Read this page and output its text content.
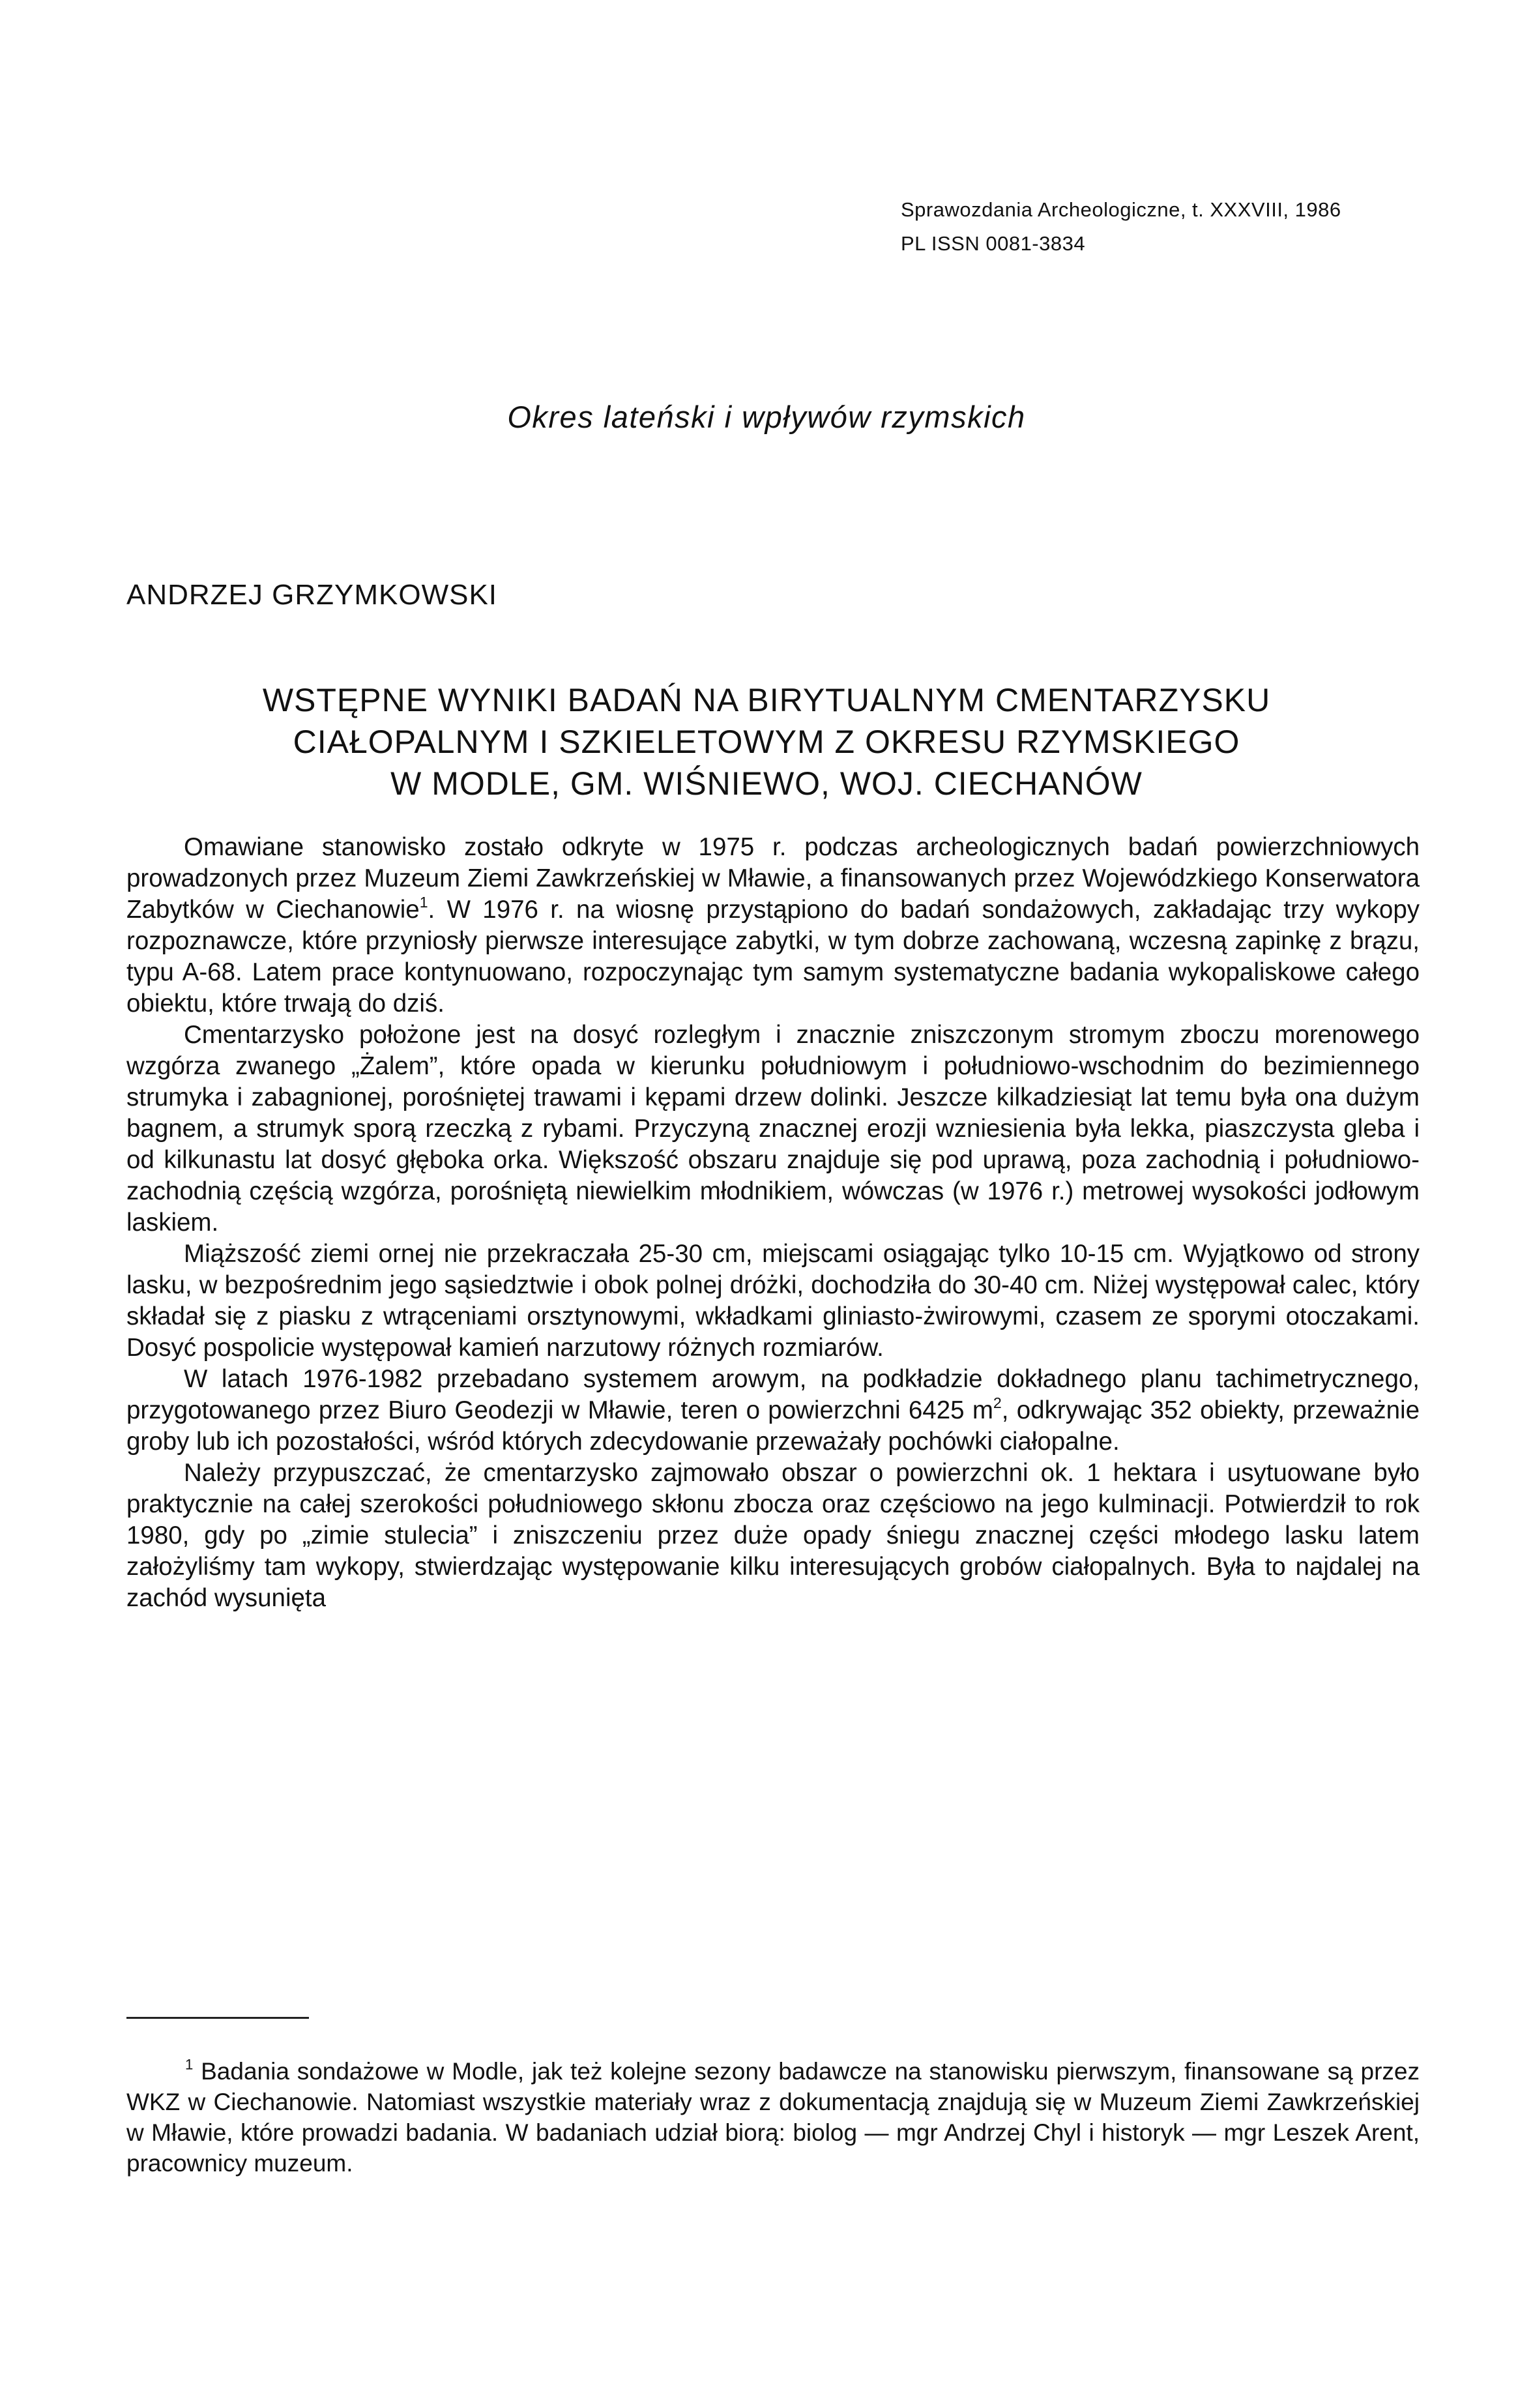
Sprawozdania Archeologiczne, t. XXXVIII, 1986
PL ISSN 0081-3834
Okres lateński i wpływów rzymskich
ANDRZEJ GRZYMKOWSKI
WSTĘPNE WYNIKI BADAŃ NA BIRYTUALNYM CMENTARZYSKU
CIAŁOPALNYM I SZKIELETOWYM Z OKRESU RZYMSKIEGO
W MODLE, GM. WIŚNIEWO, WOJ. CIECHANÓW

Omawiane stanowisko zostało odkryte w 1975 r. podczas archeologicznych badań powierzchniowych prowadzonych przez Muzeum Ziemi Zawkrzeńskiej w Mławie, a finansowanych przez Wojewódzkiego Konserwatora Zabytków w Ciechanowie$^1$. W 1976 r. na wiosnę przystąpiono do badań sondażowych, zakładając trzy wykopy rozpoznawcze, które przyniosły pierwsze interesujące zabytki, w tym dobrze zachowaną, wczesną zapinkę z brązu, typu A-68. Latem prace kontynuowano, rozpoczynając tym samym systematyczne badania wykopaliskowe całego obiektu, które trwają do dziś.

Cmentarzysko położone jest na dosyć rozległym i znacznie zniszczonym stromym zboczu morenowego wzgórza zwanego „Żalem”, które opada w kierunku południowym i południowo-wschodnim do bezimiennego strumyka i zabagnionej, porośniętej trawami i kępami drzew dolinki. Jeszcze kilkadziesiąt lat temu była ona dużym bagnem, a strumyk sporą rzeczką z rybami. Przyczyną znacznej erozji wzniesienia była lekka, piaszczysta gleba i od kilkunastu lat dosyć głęboka orka. Większość obszaru znajduje się pod uprawą, poza zachodnią i południowo-zachodnią częścią wzgórza, porośniętą niewielkim młodnikiem, wówczas (w 1976 r.) metrowej wysokości jodłowym laskiem.

Miąższość ziemi ornej nie przekraczała 25-30 cm, miejscami osiągając tylko 10-15 cm. Wyjątkowo od strony lasku, w bezpośrednim jego sąsiedztwie i obok polnej dróżki, dochodziła do 30-40 cm. Niżej występował calec, który składał się z piasku z wtrąceniami orsztynowymi, wkładkami gliniasto-żwirowymi, czasem ze sporymi otoczakami. Dosyć pospolicie występował kamień narzutowy różnych rozmiarów.

W latach 1976-1982 przebadano systemem arowym, na podkładzie dokładnego planu tachimetrycznego, przygotowanego przez Biuro Geodezji w Mławie, teren o powierzchni 6425 $m^2$, odkrywając 352 obiekty, przeważnie groby lub ich pozostałości, wśród których zdecydowanie przeważały pochówki ciałopalne.

Należy przypuszczać, że cmentarzysko zajmowało obszar o powierzchni ok. 1 hektara i usytuowane było praktycznie na całej szerokości południowego skłonu zbocza oraz częściowo na jego kulminacji. Potwierdził to rok 1980, gdy po „zimie stulecia” i zniszczeniu przez duże opady śniegu znacznej części młodego lasku latem założyliśmy tam wykopy, stwierdzając występowanie kilku interesujących grobów ciałopalnych. Była to najdalej na zachód wysunięta

$^1$ Badania sondażowe w Modle, jak też kolejne sezony badawcze na stanowisku pierwszym, finansowane są przez WKZ w Ciechanowie. Natomiast wszystkie materiały wraz z dokumentacją znajdują się w Muzeum Ziemi Zawkrzeńskiej w Mławie, które prowadzi badania. W badaniach udział biorą: biolog — mgr Andrzej Chyl i historyk — mgr Leszek Arent, pracownicy muzeum.
